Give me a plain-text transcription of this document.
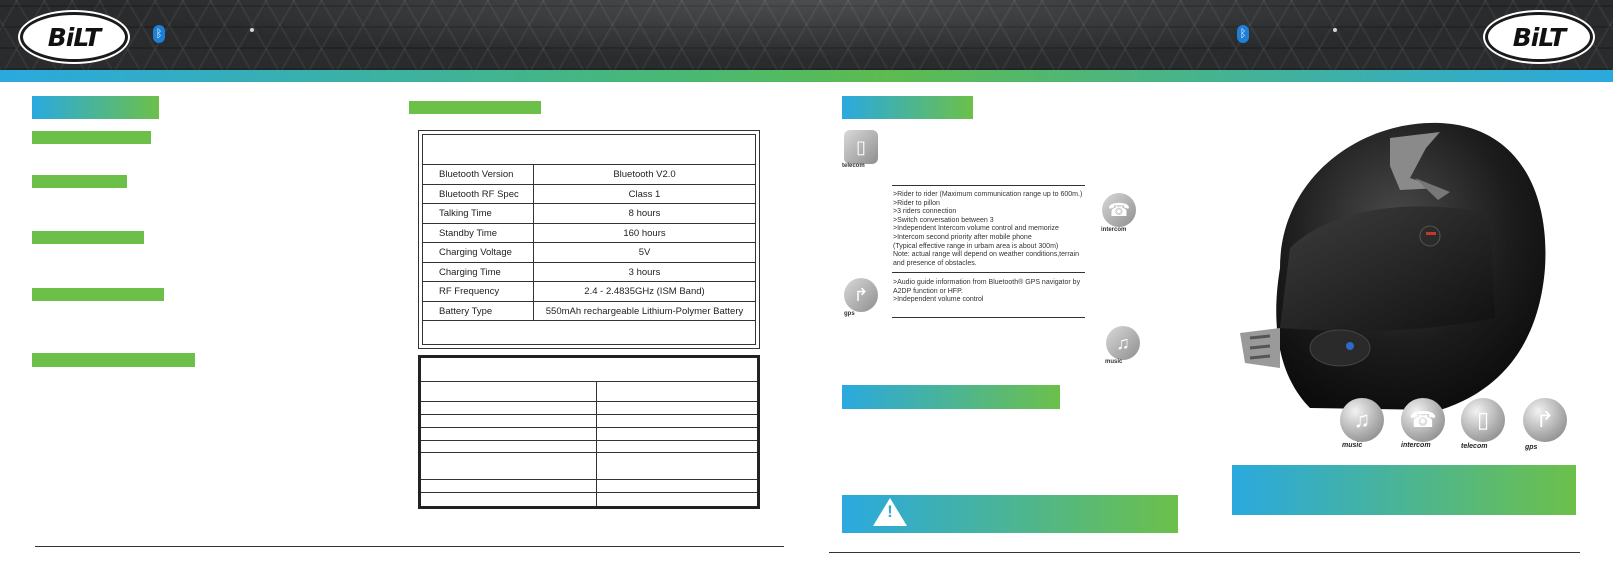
BiLT	ᛒ	ᛒ	BiLT
Bluetooth Version	Bluetooth V2.0
Bluetooth RF Spec	Class 1
Talking Time	8 hours
Standby Time	160 hours
Charging Voltage	5V
Charging Time	3 hours
RF Frequency	2.4 - 2.4835GHz (ISM Band)
Battery Type	550mAh rechargeable Lithium-Polymer Battery
▯
telecom
>Rider to rider (Maximum communication range up to 600m.)
>Rider to pillon
>3 riders connection
>Switch conversation between 3
>Independent Intercom volume control and memorize
>Intercom second priority after mobile phone
(Typical effective range in urbam area is about 300m)
Note: actual range will depend on weather conditions,terrain
and presence of obstacles.
☎
intercom
↱
gps
>Audio guide information from Bluetooth® GPS navigator by
A2DP function or HFP.
>Independent volume control
♫
music
!
♫
music
☎
intercom
▯
telecom
↱
gps
